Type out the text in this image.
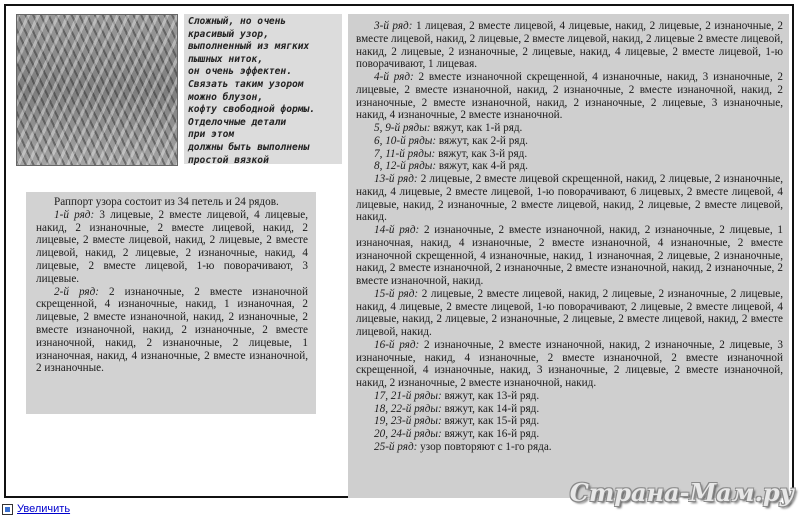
Сложный, но очень
красивый узор,
выполненный из мягких
пышных ниток,
он очень эффектен.
Связать таким узором
можно блузон,
кофту свободной формы.
Отделочные детали
при этом
должны быть выполнены
простой вязкой

Раппорт узора состоит из 34 петель и 24 рядов.

1-й ряд: 3 лицевые, 2 вместе лицевой, 4 лицевые, накид, 2 изнаночные, 2 вместе лицевой, накид, 2 лицевые, 2 вместе лицевой, накид, 2 лицевые, 2 вместе лицевой, накид, 2 лицевые, 2 изнаночные, накид, 4 лицевые, 2 вместе лицевой, 1-ю поворачивают, 3 лицевые.

2-й ряд: 2 изнаночные, 2 вместе изнаночной скрещенной, 4 изнаночные, накид, 1 изнаночная, 2 лицевые, 2 вместе изнаночной, накид, 2 изнаночные, 2 вместе изнаночной, накид, 2 изнаночные, 2 вместе изнаночной, накид, 2 изнаночные, 2 лицевые, 1 изнаночная, накид, 4 изнаночные, 2 вместе изнаночной, 2 изнаночные.

3-й ряд: 1 лицевая, 2 вместе лицевой, 4 лицевые, накид, 2 лицевые, 2 изнаночные, 2 вместе лицевой, накид, 2 лицевые, 2 вместе лицевой, накид, 2 лицевые 2 вместе лицевой, накид, 2 лицевые, 2 изнаночные, 2 лицевые, накид, 4 лицевые, 2 вместе лицевой, 1-ю поворачивают, 1 лицевая.

4-й ряд: 2 вместе изнаночной скрещенной, 4 изнаночные, накид, 3 изнаночные, 2 лицевые, 2 вместе изнаночной, накид, 2 изнаночные, 2 вместе изнаночной, накид, 2 изнаночные, 2 вместе изнаночной, накид, 2 изнаночные, 2 лицевые, 3 изнаночные, накид, 4 изнаночные, 2 вместе изнаночной.

5, 9-й ряды: вяжут, как 1-й ряд.

6, 10-й ряды: вяжут, как 2-й ряд.

7, 11-й ряды: вяжут, как 3-й ряд.

8, 12-й ряды: вяжут, как 4-й ряд.

13-й ряд: 2 лицевые, 2 вместе лицевой скрещенной, накид, 2 лицевые, 2 изнаночные, накид, 4 лицевые, 2 вместе лицевой, 1-ю поворачивают, 6 лицевых, 2 вместе лицевой, 4 лицевые, накид, 2 изнаночные, 2 вместе лицевой, накид, 2 лицевые, 2 вместе лицевой, накид.

14-й ряд: 2 изнаночные, 2 вместе изнаночной, накид, 2 изнаночные, 2 лицевые, 1 изнаночная, накид, 4 изнаночные, 2 вместе изнаночной, 4 изнаночные, 2 вместе изнаночной скрещенной, 4 изнаночные, накид, 1 изнаночная, 2 лицевые, 2 изнаночные, накид, 2 вместе изнаночной, 2 изнаночные, 2 вместе изнаночной, накид, 2 изнаночные, 2 вместе изнаночной, накид.

15-й ряд: 2 лицевые, 2 вместе лицевой, накид, 2 лицевые, 2 изнаночные, 2 лицевые, накид, 4 лицевые, 2 вместе лицевой, 1-ю поворачивают, 2 лицевые, 2 вместе лицевой, 4 лицевые, накид, 2 лицевые, 2 изнаночные, 2 лицевые, 2 вместе лицевой, накид, 2 вместе лицевой, накид.

16-й ряд: 2 изнаночные, 2 вместе изнаночной, накид, 2 изнаночные, 2 лицевые, 3 изнаночные, накид, 4 изнаночные, 2 вместе изнаночной, 2 вместе изнаночной скрещенной, 4 изнаночные, накид, 3 изнаночные, 2 лицевые, 2 вместе изнаночной, накид, 2 изнаночные, 2 вместе изнаночной, накид.

17, 21-й ряды: вяжут, как 13-й ряд.

18, 22-й ряды: вяжут, как 14-й ряд.

19, 23-й ряды: вяжут, как 15-й ряд.

20, 24-й ряды: вяжут, как 16-й ряд.

25-й ряд: узор повторяют с 1-го ряда.

Увеличить
Страна-Мам.ру
